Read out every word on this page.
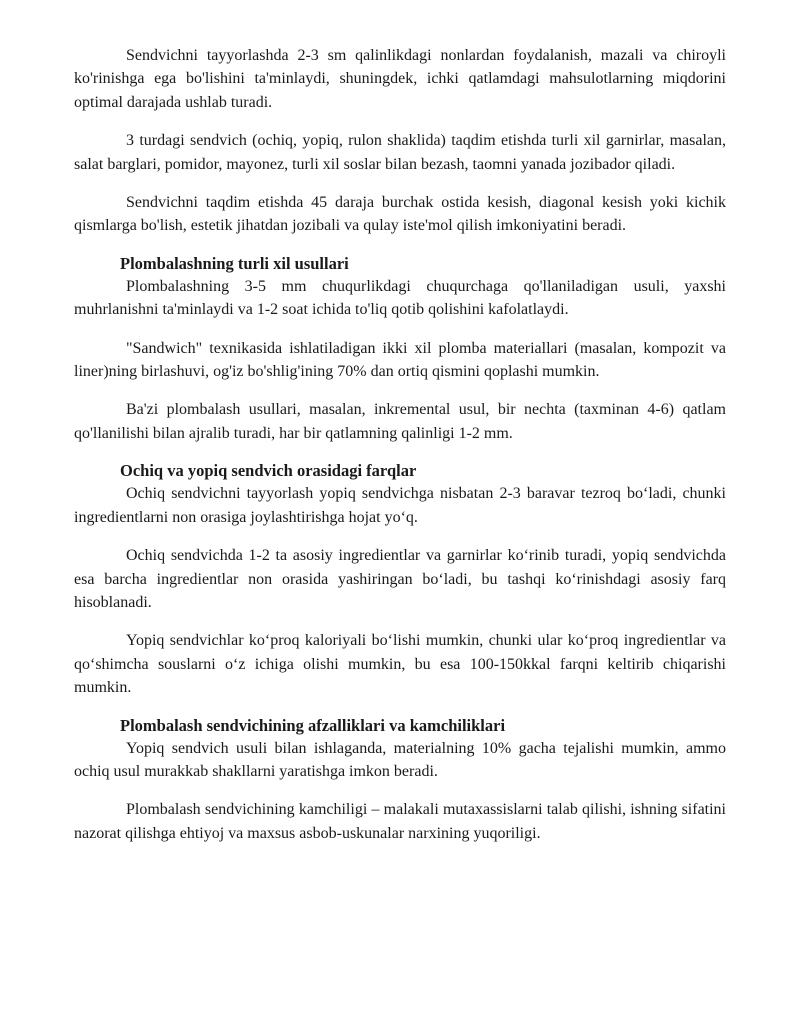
Sendvichni tayyorlashda 2-3 sm qalinlikdagi nonlardan foydalanish, mazali va chiroyli ko'rinishga ega bo'lishini ta'minlaydi, shuningdek, ichki qatlamdagi mahsulotlarning miqdorini optimal darajada ushlab turadi.

3 turdagi sendvich (ochiq, yopiq, rulon shaklida) taqdim etishda turli xil garnirlar, masalan, salat barglari, pomidor, mayonez, turli xil soslar bilan bezash, taomni yanada jozibador qiladi.

Sendvichni taqdim etishda 45 daraja burchak ostida kesish, diagonal kesish yoki kichik qismlarga bo'lish, estetik jihatdan jozibali va qulay iste'mol qilish imkoniyatini beradi.

Plombalashning turli xil usullari

Plombalashning 3-5 mm chuqurlikdagi chuqurchaga qo'llaniladigan usuli, yaxshi muhrlanishni ta'minlaydi va 1-2 soat ichida to'liq qotib qolishini kafolatlaydi.

"Sandwich" texnikasida ishlatiladigan ikki xil plomba materiallari (masalan, kompozit va liner)ning birlashuvi, og'iz bo'shlig'ining 70% dan ortiq qismini qoplashi mumkin.

Ba'zi plombalash usullari, masalan, inkremental usul, bir nechta (taxminan 4-6) qatlam qo'llanilishi bilan ajralib turadi, har bir qatlamning qalinligi 1-2 mm.

Ochiq va yopiq sendvich orasidagi farqlar

Ochiq sendvichni tayyorlash yopiq sendvichga nisbatan 2-3 baravar tezroq boʻladi, chunki ingredientlarni non orasiga joylashtirishga hojat yoʻq.

Ochiq sendvichda 1-2 ta asosiy ingredientlar va garnirlar koʻrinib turadi, yopiq sendvichda esa barcha ingredientlar non orasida yashiringan boʻladi, bu tashqi koʻrinishdagi asosiy farq hisoblanadi.

Yopiq sendvichlar koʻproq kaloriyali boʻlishi mumkin, chunki ular koʻproq ingredientlar va qoʻshimcha souslarni oʻz ichiga olishi mumkin, bu esa 100-150kkal farqni keltirib chiqarishi mumkin.

Plombalash sendvichining afzalliklari va kamchiliklari

Yopiq sendvich usuli bilan ishlaganda, materialning 10% gacha tejalishi mumkin, ammo ochiq usul murakkab shakllarni yaratishga imkon beradi.

Plombalash sendvichining kamchiligi – malakali mutaxassislarni talab qilishi, ishning sifatini nazorat qilishga ehtiyoj va maxsus asbob-uskunalar narxining yuqoriligi.
